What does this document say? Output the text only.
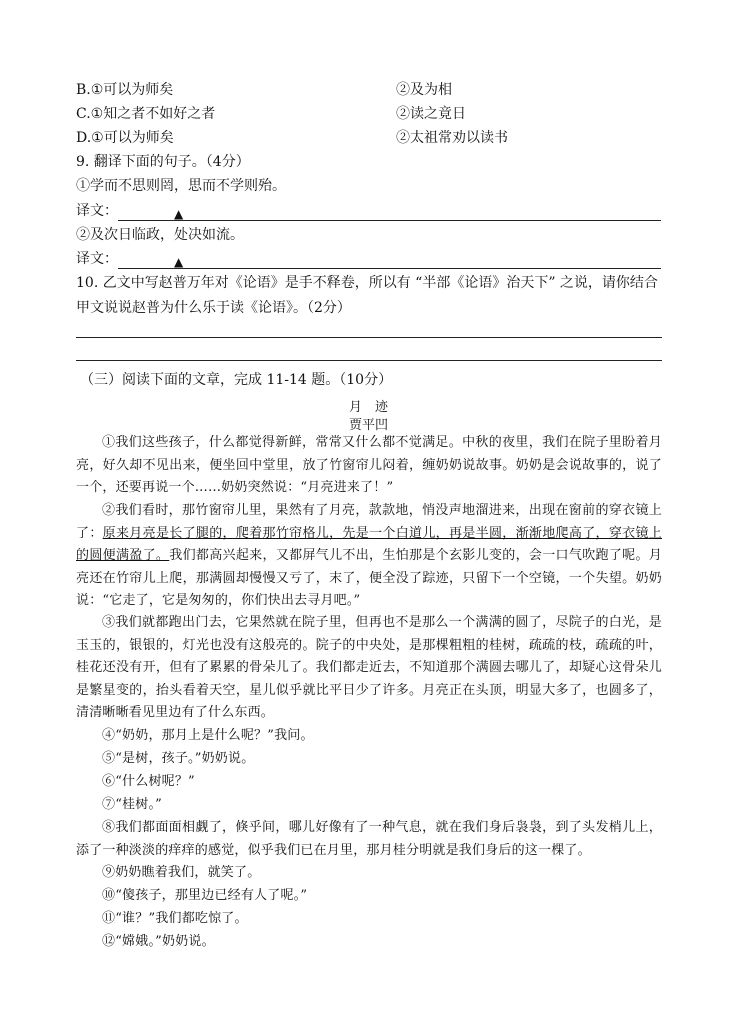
B.①可以为师矣	②及为相
C.①知之者不如好之者	②读之竟日
D.①可以为师矣	②太祖常劝以读书
9. 翻译下面的句子。（4分）
①学而不思则罔，思而不学则殆。
译文：	▲
②及次日临政，处决如流。
译文：	▲
10. 乙文中写赵普万年对《论语》是手不释卷，所以有 “半部《论语》治天下” 之说，请你结合
甲文说说赵普为什么乐于读《论语》。（2分）
（三）阅读下面的文章，完成 11-14 题。（10分）
月　迹
贾平凹
①我们这些孩子，什么都觉得新鲜，常常又什么都不觉满足。中秋的夜里，我们在院子里盼着月亮，好久却不见出来，便坐回中堂里，放了竹窗帘儿闷着，缠奶奶说故事。奶奶是会说故事的，说了一个，还要再说一个……奶奶突然说：“月亮进来了！”
②我们看时，那竹窗帘儿里，果然有了月亮，款款地，悄没声地溜进来，出现在窗前的穿衣镜上了：原来月亮是长了腿的，爬着那竹帘格儿，先是一个白道儿，再是半圆，渐渐地爬高了，穿衣镜上的圆便满盈了。我们都高兴起来，又都屏气儿不出，生怕那是个玄影儿变的，会一口气吹跑了呢。月亮还在竹帘儿上爬，那满圆却慢慢又亏了，末了，便全没了踪迹，只留下一个空镜，一个失望。奶奶说：“它走了，它是匆匆的，你们快出去寻月吧。”
③我们就都跑出门去，它果然就在院子里，但再也不是那么一个满满的圆了，尽院子的白光，是玉玉的，银银的，灯光也没有这般亮的。院子的中央处，是那棵粗粗的桂树，疏疏的枝，疏疏的叶，桂花还没有开，但有了累累的骨朵儿了。我们都走近去，不知道那个满圆去哪儿了，却疑心这骨朵儿是繁星变的，抬头看着天空，星儿似乎就比平日少了许多。月亮正在头顶，明显大多了，也圆多了，清清晰晰看见里边有了什么东西。
④“奶奶，那月上是什么呢？”我问。
⑤“是树，孩子。”奶奶说。
⑥“什么树呢？”
⑦“桂树。”
⑧我们都面面相觑了，倏乎间，哪儿好像有了一种气息，就在我们身后袅袅，到了头发梢儿上，添了一种淡淡的痒痒的感觉，似乎我们已在月里，那月桂分明就是我们身后的这一棵了。
⑨奶奶瞧着我们，就笑了。
⑩“傻孩子，那里边已经有人了呢。”
⑪“谁？”我们都吃惊了。
⑫“嫦娥。”奶奶说。
